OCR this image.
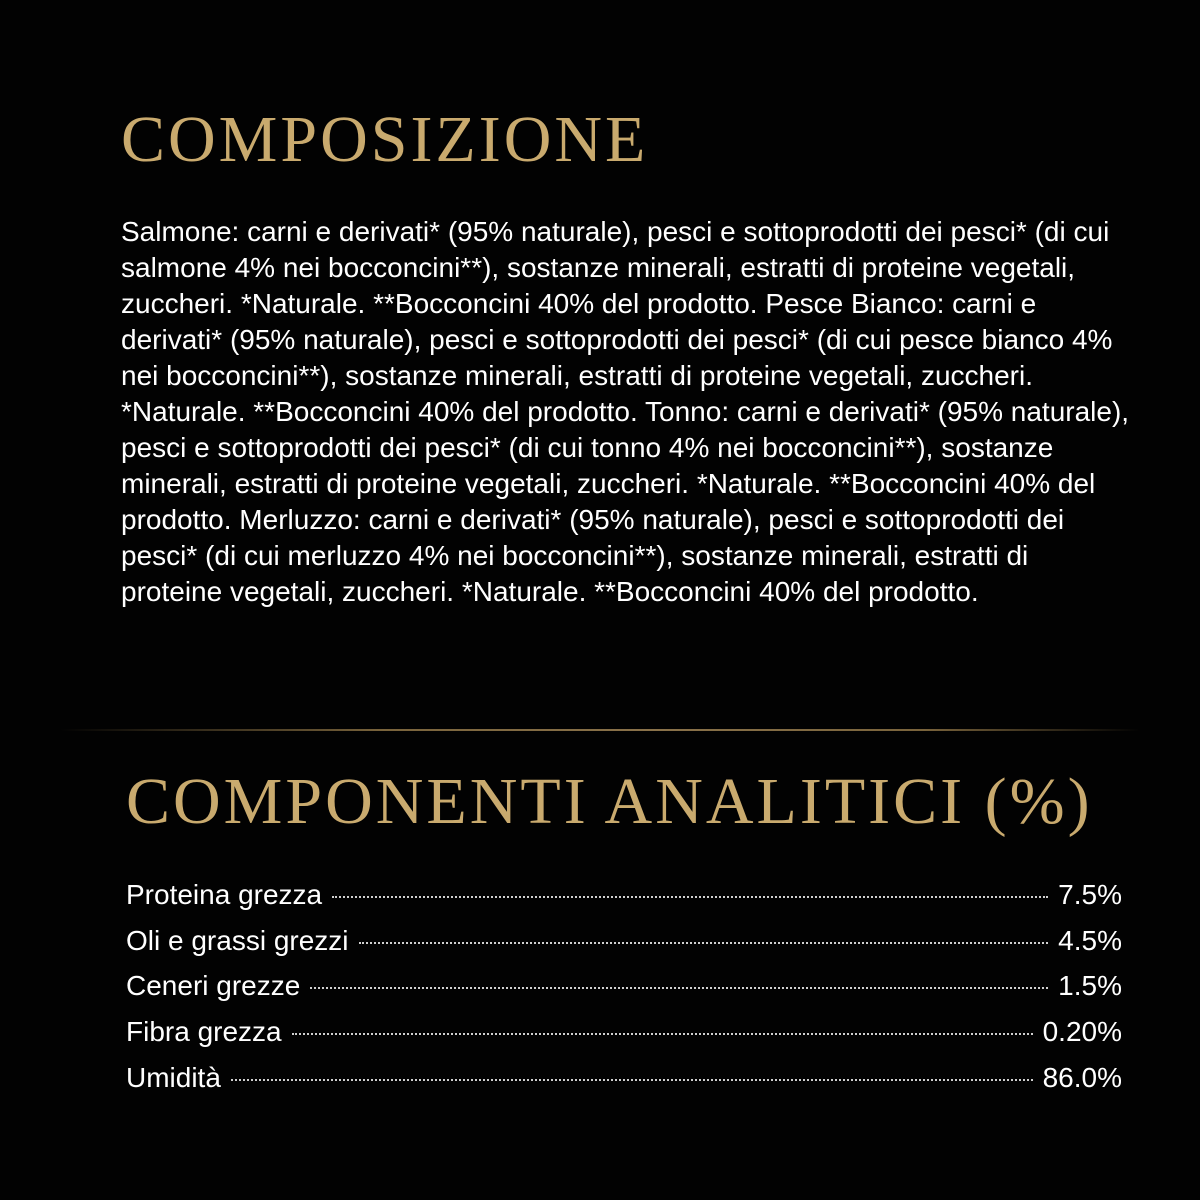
COMPOSIZIONE

Salmone: carni e derivati* (95% naturale), pesci e sottoprodotti dei pesci* (di cui salmone 4% nei bocconcini**), sostanze minerali, estratti di proteine vegetali, zuccheri. *Naturale. **Bocconcini 40% del prodotto. Pesce Bianco: carni e derivati* (95% naturale), pesci e sottoprodotti dei pesci* (di cui pesce bianco 4% nei bocconcini**), sostanze minerali, estratti di proteine vegetali, zuccheri. *Naturale. **Bocconcini 40% del prodotto. Tonno: carni e derivati* (95% naturale), pesci e sottoprodotti dei pesci* (di cui tonno 4% nei bocconcini**), sostanze minerali, estratti di proteine vegetali, zuccheri. *Naturale. **Bocconcini 40% del prodotto. Merluzzo: carni e derivati* (95% naturale), pesci e sottoprodotti dei pesci* (di cui merluzzo 4% nei bocconcini**), sostanze minerali, estratti di proteine vegetali, zuccheri. *Naturale. **Bocconcini 40% del prodotto.

COMPONENTI ANALITICI (%)
Proteina grezza	7.5%
Oli e grassi grezzi	4.5%
Ceneri grezze	1.5%
Fibra grezza	0.20%
Umidità	86.0%
